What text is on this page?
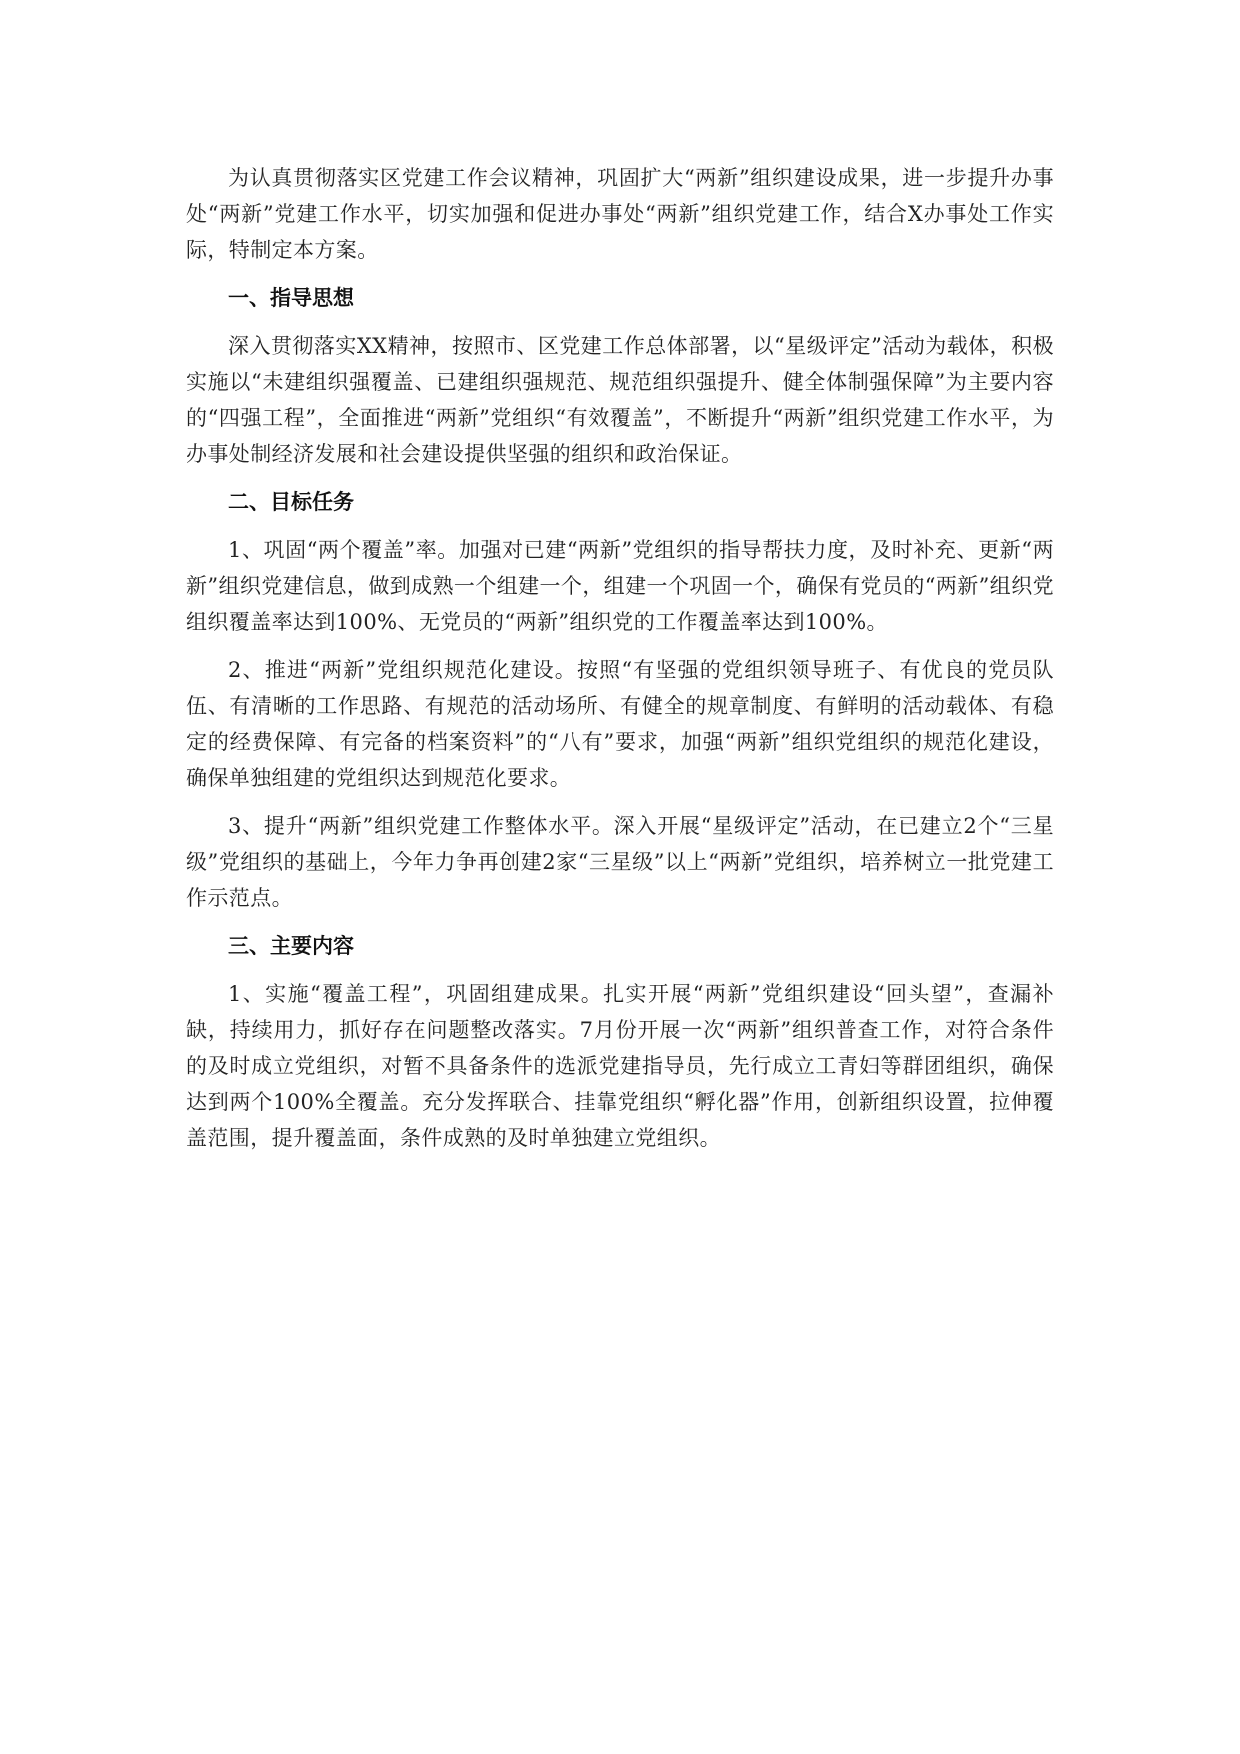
为认真贯彻落实区党建工作会议精神，巩固扩大“两新”组织建设成果，进一步提升办事处“两新”党建工作水平，切实加强和促进办事处“两新”组织党建工作，结合X办事处工作实际，特制定本方案。

一、指导思想

深入贯彻落实XX精神，按照市、区党建工作总体部署，以“星级评定”活动为载体，积极实施以“未建组织强覆盖、已建组织强规范、规范组织强提升、健全体制强保障”为主要内容的“四强工程”，全面推进“两新”党组织“有效覆盖”，不断提升“两新”组织党建工作水平，为办事处制经济发展和社会建设提供坚强的组织和政治保证。

二、目标任务

1、巩固“两个覆盖”率。加强对已建“两新”党组织的指导帮扶力度，及时补充、更新“两新”组织党建信息，做到成熟一个组建一个，组建一个巩固一个，确保有党员的“两新”组织党组织覆盖率达到100%、无党员的“两新”组织党的工作覆盖率达到100%。

2、推进“两新”党组织规范化建设。按照“有坚强的党组织领导班子、有优良的党员队伍、有清晰的工作思路、有规范的活动场所、有健全的规章制度、有鲜明的活动载体、有稳定的经费保障、有完备的档案资料”的“八有”要求，加强“两新”组织党组织的规范化建设，确保单独组建的党组织达到规范化要求。

3、提升“两新”组织党建工作整体水平。深入开展“星级评定”活动，在已建立2个“三星级”党组织的基础上，今年力争再创建2家“三星级”以上“两新”党组织，培养树立一批党建工作示范点。

三、主要内容

1、实施“覆盖工程”，巩固组建成果。扎实开展“两新”党组织建设“回头望”，查漏补缺，持续用力，抓好存在问题整改落实。7月份开展一次“两新”组织普查工作，对符合条件的及时成立党组织，对暂不具备条件的选派党建指导员，先行成立工青妇等群团组织，确保达到两个100%全覆盖。充分发挥联合、挂靠党组织“孵化器”作用，创新组织设置，拉伸覆盖范围，提升覆盖面，条件成熟的及时单独建立党组织。
